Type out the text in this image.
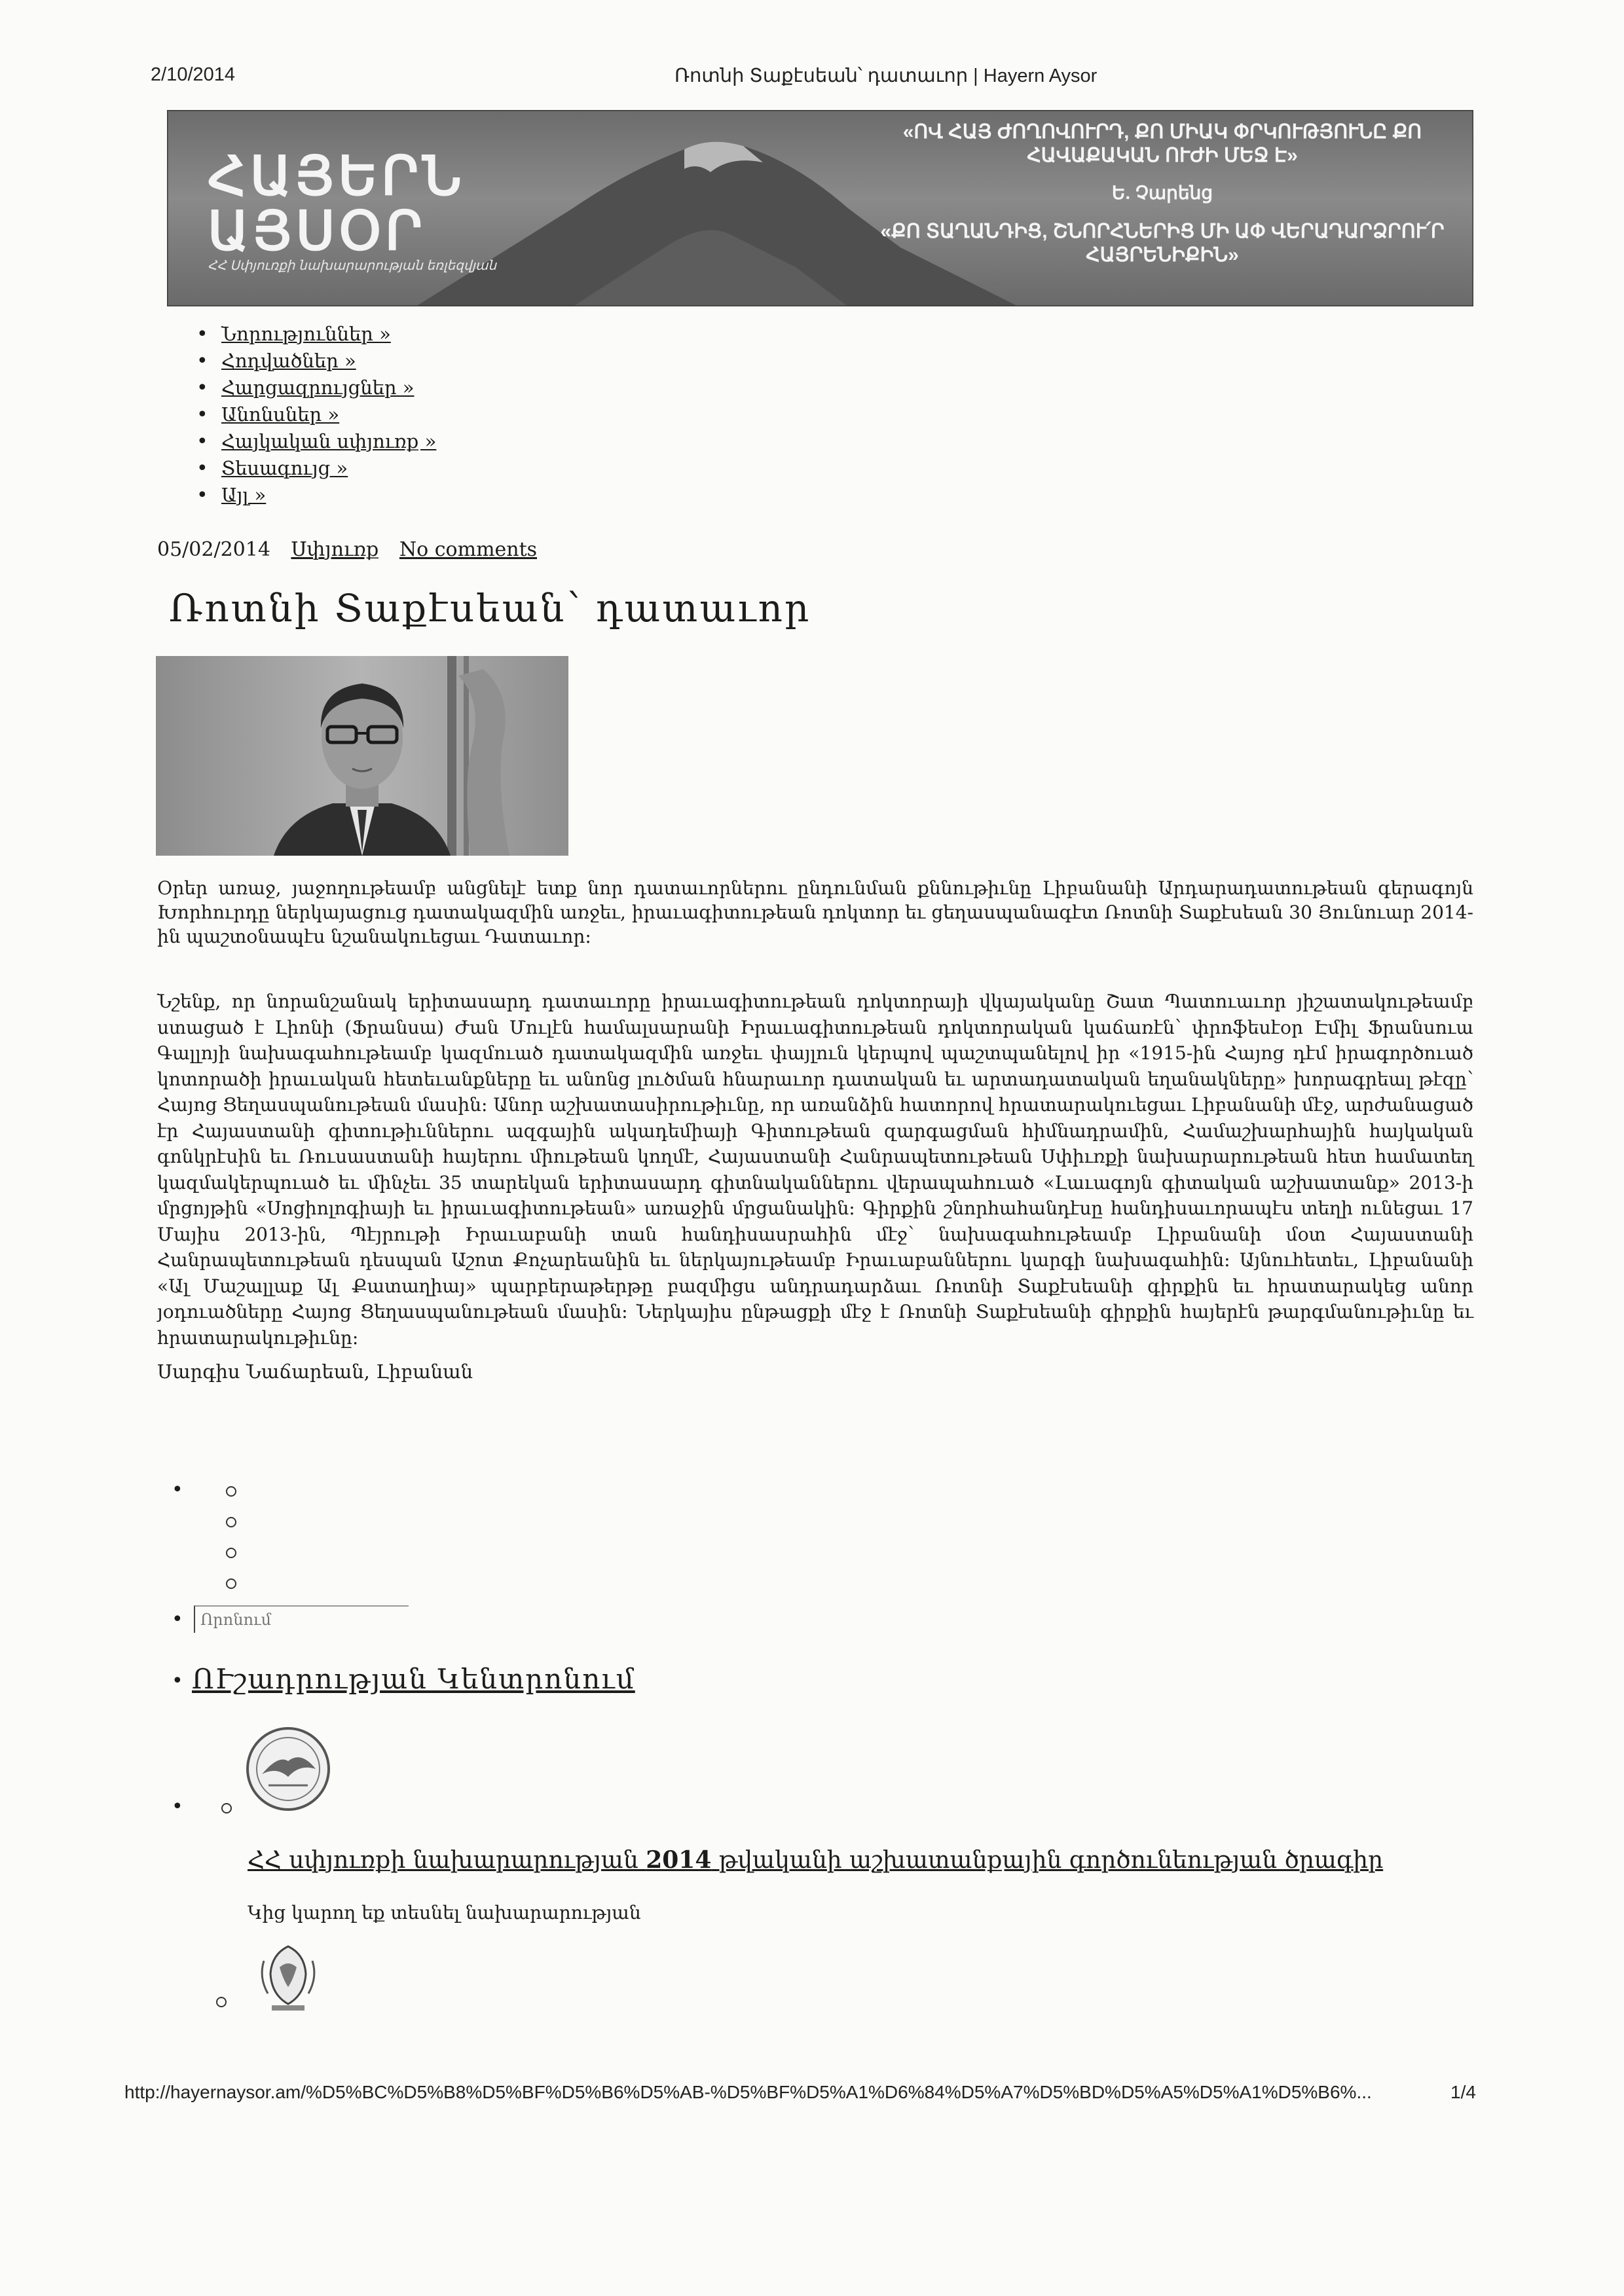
2/10/2014	Ռոտնի Տաքէսեան՝ դատաւոր | Hayern Aysor
ՀԱՅԵՐՆ
ԱՅՍՕՐ
ՀՀ Սփյուռքի նախարարության եռլեզվյան
«ՈՎ ՀԱՅ ԺՈՂՈՎՈՒՐԴ, ՔՈ ՄԻԱԿ ՓՐԿՈՒԹՅՈՒՆԸ ՔՈ ՀԱՎԱՔԱԿԱՆ ՈՒԺԻ ՄԵՋ Է»
Ե. Չարենց
«ՔՈ ՏԱՂԱՆԴԻՑ, ՇՆՈՐՀՆԵՐԻՑ ՄԻ ԱՓ ՎԵՐԱԴԱՐՁՐՈՒ՛Ր ՀԱՅՐԵՆԻՔԻՆ»
• Նորություններ »
• Հոդվածներ »
• Հարցազրույցներ »
• Անոնսներ »
• Հայկական սփյուռք »
• Տեսագույց »
• Այլ »
05/02/2014 Սփյուռք No comments
Ռոտնի Տաքէսեան՝ դատաւոր

Օրեր առաջ, յաջողութեամբ անցնելէ ետք նոր դատաւորներու ընդունման քննութիւնը Լիբանանի Արդարադատութեան գերագոյն Խորհուրդը ներկայացուց դատակազմին առջեւ, իրաւագիտութեան դոկտոր եւ ցեղասպանագէտ Ռոտնի Տաքէսեան 30 Յունուար 2014-ին պաշտօնապէս նշանակուեցաւ Դատաւոր:

Նշենք, որ նորանշանակ երիտասարդ դատաւորը իրաւագիտութեան դոկտորայի վկայականը Շատ Պատուաւոր յիշատակութեամբ ստացած է Լիոնի (Ֆրանսա) Ժան Մուլէն համալսարանի Իրաւագիտութեան դոկտորական կաճառէն՝ փրոֆեսէօր Էմիլ Ֆրանսուա Գալլոյի նախագահութեամբ կազմուած դատակազմին առջեւ փայլուն կերպով պաշտպանելով իր «1915-ին Հայոց դէմ իրագործուած կոտորածի իրաւական հետեւանքները եւ անոնց լուծման հնարաւոր դատական եւ արտադատական եղանակները» խորագրեալ թէզը՝ Հայոց Ցեղասպանութեան մասին: Անոր աշխատասիրութիւնը, որ առանձին հատորով հրատարակուեցաւ Լիբանանի մէջ, արժանացած էր Հայաստանի գիտութիւններու ազգային ակադեմիայի Գիտութեան զարգացման հիմնադրամին, Համաշխարհային հայկական գոնկրէսին եւ Ռուսաստանի հայերու միութեան կողմէ, Հայաստանի Հանրապետութեան Սփիւռքի նախարարութեան հետ համատեղ կազմակերպուած եւ մինչեւ 35 տարեկան երիտասարդ գիտնականներու վերապահուած «Լաւագոյն գիտական աշխատանք» 2013-ի մրցոյթին «Սոցիոլոգիայի եւ իրաւագիտութեան» առաջին մրցանակին: Գիրքին շնորհահանդէսը հանդիսաւորապէս տեղի ունեցաւ 17 Մայիս 2013-ին, Պէյրութի Իրաւաբանի տան հանդիսասրահին մէջ՝ նախագահութեամբ Լիբանանի մօտ Հայաստանի Հանրապետութեան դեսպան Աշոտ Քոչարեանին եւ ներկայութեամբ Իրաւաբաններու կարգի նախագահին: Այնուհետեւ, Լիբանանի «Ալ Մաշալլաք Ալ Քատաղիայ» պարբերաթերթը բազմիցս անդրադարձաւ Ռոտնի Տաքէսեանի գիրքին եւ հրատարակեց անոր յօդուածները Հայոց Ցեղասպանութեան մասին: Ներկայիս ընթացքի մէջ է Ռոտնի Տաքէսեանի գիրքին հայերէն թարգմանութիւնը եւ հրատարակութիւնը:

Սարգիս Նաճարեան, Լիբանան

•
•
Որոնում
• ՈՒշադրության Կենտրոնում
•
ՀՀ սփյուռքի նախարարության 2014 թվականի աշխատանքային գործունեության ծրագիր

Կից կարող եք տեսնել նախարարության

http://hayernaysor.am/%D5%BC%D5%B8%D5%BF%D5%B6%D5%AB-%D5%BF%D5%A1%D6%84%D5%A7%D5%BD%D5%A5%D5%A1%D5%B6%...	1/4
